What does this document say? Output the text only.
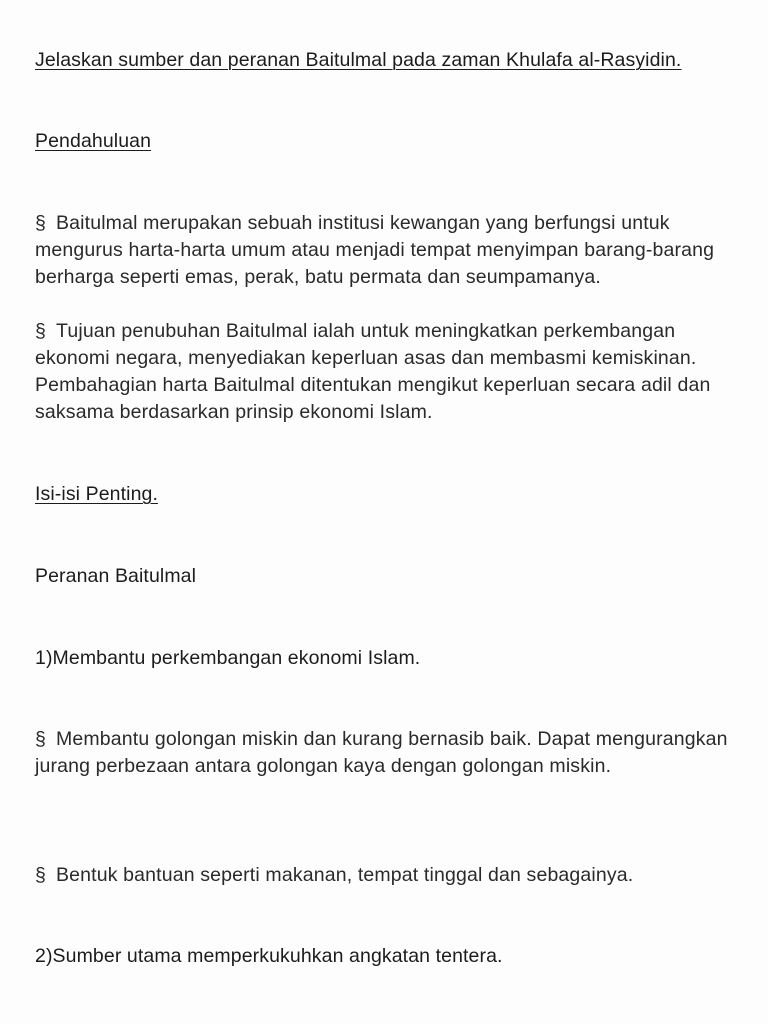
Jelaskan sumber dan peranan Baitulmal pada zaman Khulafa al-Rasyidin.

Pendahuluan

§ Baitulmal merupakan sebuah institusi kewangan yang berfungsi untuk mengurus harta-harta umum atau menjadi tempat menyimpan barang-barang berharga seperti emas, perak, batu permata dan seumpamanya.

§ Tujuan penubuhan Baitulmal ialah untuk meningkatkan perkembangan ekonomi negara, menyediakan keperluan asas dan membasmi kemiskinan. Pembahagian harta Baitulmal ditentukan mengikut keperluan secara adil dan saksama berdasarkan prinsip ekonomi Islam.

Isi-isi Penting.

Peranan Baitulmal

1)Membantu perkembangan ekonomi Islam.

§ Membantu golongan miskin dan kurang bernasib baik. Dapat mengurangkan jurang perbezaan antara golongan kaya dengan golongan miskin.

§ Bentuk bantuan seperti makanan, tempat tinggal dan sebagainya.

2)Sumber utama memperkukuhkan angkatan tentera.
